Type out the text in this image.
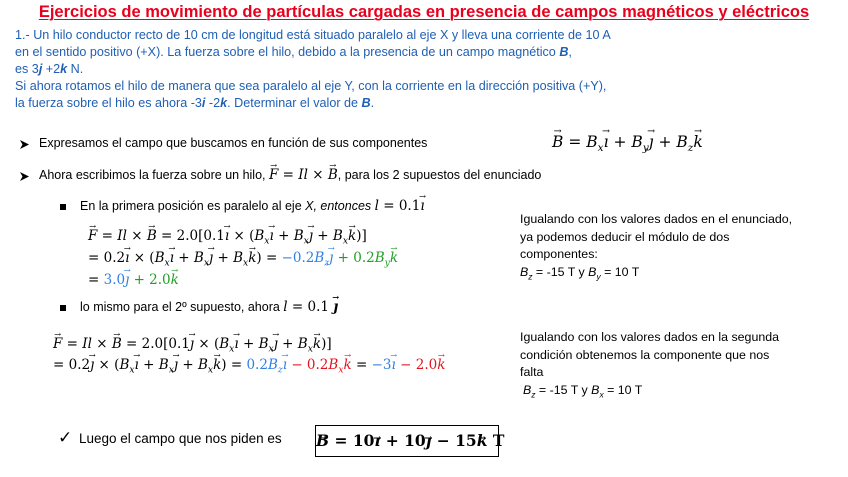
Ejercicios de movimiento de partículas cargadas en presencia de campos magnéticos y eléctricos
1.- Un hilo conductor recto de 10 cm de longitud está situado paralelo al eje X y lleva una corriente de 10 A
en el sentido positivo (+X). La fuerza sobre el hilo, debido a la presencia de un campo magnético B,
es 3j +2k N.
Si ahora rotamos el hilo de manera que sea paralelo al eje Y, con la corriente en la dirección positiva (+Y),
la fuerza sobre el hilo es ahora -3i -2k. Determinar el valor de B.
Expresamos el campo que buscamos en función de sus componentes	→ $B = B_x\to$ ı + $B_y\to$ ȷ + $B_z\to k$
Ahora escribimos la fuerza sobre un hilo, → F = Il × → B, para los 2 supuestos del enunciado
En la primera posición es paralelo al eje X, entonces l = 0.1→ ı
→ F = Il × → B = 2.0[0.1→ ı × ($B_x\to$ ı + $B_x\to$ ȷ + $B_x\to k$)]
= 0.2→ ı × ($B_x\to$ ı + $B_x\to$ ȷ + $B_x\to k) = -0.2B_z\to$ ȷ + $0.2B_y\to k$
= 3.0→ ȷ + 2.0→ k
Igualando con los valores dados en el enunciado,
ya podemos deducir el módulo de dos
componentes:
$B_z = -15$ T y $B_y = 10$ T
lo mismo para el 2º supuesto, ahora l = 0.1 → ȷ
→ F = Il × → B = 2.0[0.1→ ȷ × ($B_x\to$ ı + $B_x\to$ ȷ + $B_x\to k$)]
= 0.2→ ȷ × ($B_x\to$ ı + $B_x\to$ ȷ + $B_x\to k) = 0.2B_z\to$ ı − $0.2B_x\to k = -3\to$ ı − 2.0→ k
Igualando con los valores dados en la segunda
condición obtenemos la componente que nos
falta
$B_z = -15$ T y $B_x = 10$ T
✓ Luego el campo que nos piden es → B = 10→ ı + 10→ ȷ − 15→ k T
